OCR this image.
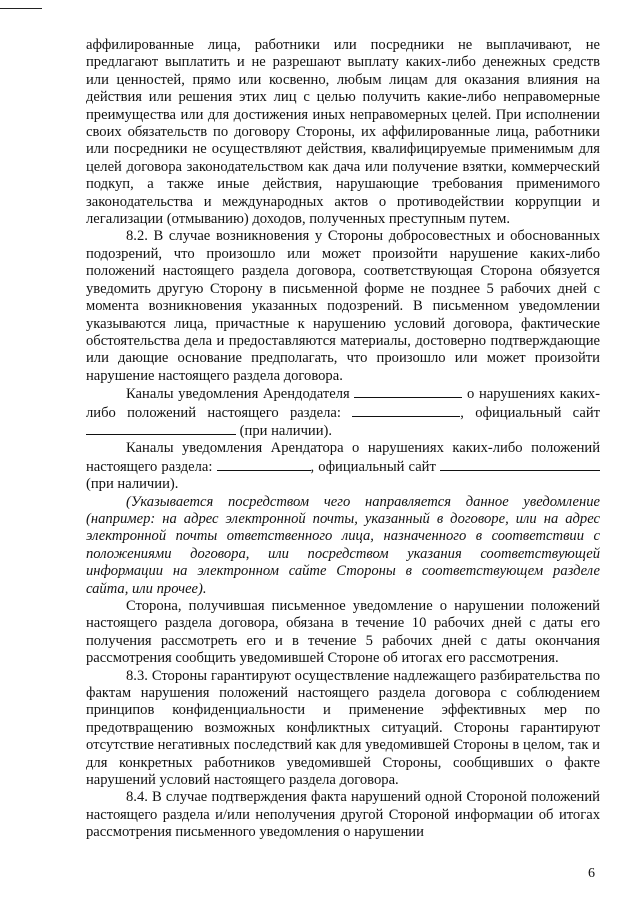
аффилированные лица, работники или посредники не выплачивают, не предлагают выплатить и не разрешают выплату каких-либо денежных средств или ценностей, прямо или косвенно, любым лицам для оказания влияния на действия или решения этих лиц с целью получить какие-либо неправомерные преимущества или для достижения иных неправомерных целей. При исполнении своих обязательств по договору Стороны, их аффилированные лица, работники или посредники не осуществляют действия, квалифицируемые применимым для целей договора законодательством как дача или получение взятки, коммерческий подкуп, а также иные действия, нарушающие требования применимого законодательства и международных актов о противодействии коррупции и легализации (отмыванию) доходов, полученных преступным путем.

8.2. В случае возникновения у Стороны добросовестных и обоснованных подозрений, что произошло или может произойти нарушение каких-либо положений настоящего раздела договора, соответствующая Сторона обязуется уведомить другую Сторону в письменной форме не позднее 5 рабочих дней с момента возникновения указанных подозрений. В письменном уведомлении указываются лица, причастные к нарушению условий договора, фактические обстоятельства дела и предоставляются материалы, достоверно подтверждающие или дающие основание предполагать, что произошло или может произойти нарушение настоящего раздела договора.

Каналы уведомления Арендодателя	о нарушениях каких-либо положений настоящего раздела:	, официальный сайт  (при наличии).

Каналы уведомления Арендатора о нарушениях каких-либо положений настоящего раздела:	, официальный сайт  (при наличии).

(Указывается посредством чего направляется данное уведомление (например: на адрес электронной почты, указанный в договоре, или на адрес электронной почты ответственного лица, назначенного в соответствии с положениями договора, или посредством указания соответствующей информации на электронном сайте Стороны в соответствующем разделе сайта, или прочее).

Сторона, получившая письменное уведомление о нарушении положений настоящего раздела договора, обязана в течение 10 рабочих дней с даты его получения рассмотреть его и в течение 5 рабочих дней с даты окончания рассмотрения сообщить уведомившей Стороне об итогах его рассмотрения.

8.3. Стороны гарантируют осуществление надлежащего разбирательства по фактам нарушения положений настоящего раздела договора с соблюдением принципов конфиденциальности и применение эффективных мер по предотвращению возможных конфликтных ситуаций. Стороны гарантируют отсутствие негативных последствий как для уведомившей Стороны в целом, так и для конкретных работников уведомившей Стороны, сообщивших о факте нарушений условий настоящего раздела договора.

8.4. В случае подтверждения факта нарушений одной Стороной положений настоящего раздела и/или неполучения другой Стороной информации об итогах рассмотрения письменного уведомления о нарушении

6
